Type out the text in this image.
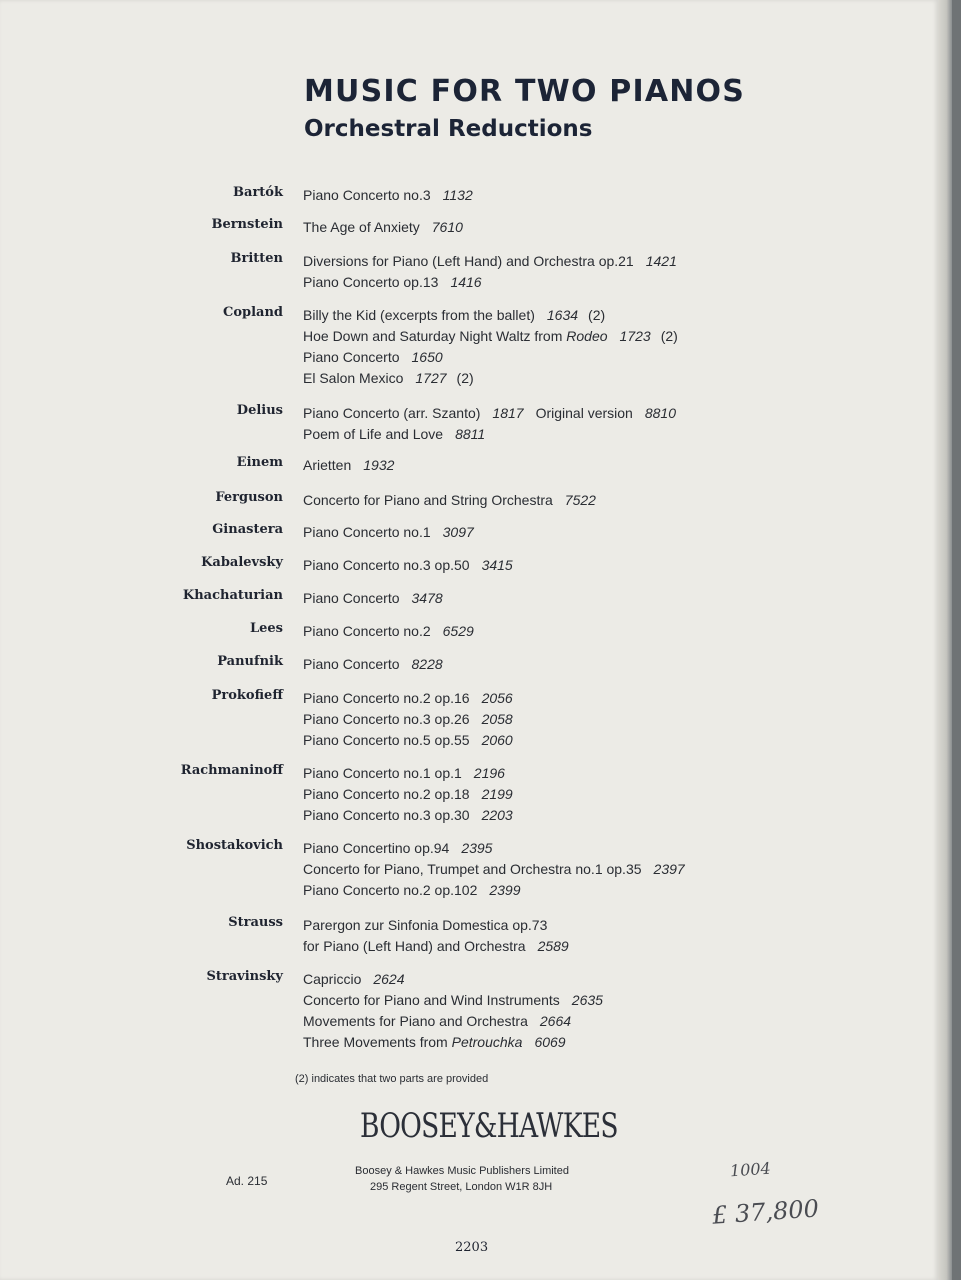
MUSIC FOR TWO PIANOS
Orchestral Reductions
Bartók Piano Concerto no.3 1132
Bernstein The Age of Anxiety 7610
Britten Diversions for Piano (Left Hand) and Orchestra op.21 1421
Piano Concerto op.13 1416
Copland Billy the Kid (excerpts from the ballet) 1634 (2)
Hoe Down and Saturday Night Waltz from Rodeo 1723 (2)
Piano Concerto 1650
El Salon Mexico 1727 (2)
Delius Piano Concerto (arr. Szanto) 1817 Original version 8810
Poem of Life and Love 8811
Einem Arietten 1932
Ferguson Concerto for Piano and String Orchestra 7522
Ginastera Piano Concerto no.1 3097
Kabalevsky Piano Concerto no.3 op.50 3415
Khachaturian Piano Concerto 3478
Lees Piano Concerto no.2 6529
Panufnik Piano Concerto 8228
Prokofieff Piano Concerto no.2 op.16 2056
Piano Concerto no.3 op.26 2058
Piano Concerto no.5 op.55 2060
Rachmaninoff Piano Concerto no.1 op.1 2196
Piano Concerto no.2 op.18 2199
Piano Concerto no.3 op.30 2203
Shostakovich Piano Concertino op.94 2395
Concerto for Piano, Trumpet and Orchestra no.1 op.35 2397
Piano Concerto no.2 op.102 2399
Strauss Parergon zur Sinfonia Domestica op.73
for Piano (Left Hand) and Orchestra 2589
Stravinsky Capriccio 2624
Concerto for Piano and Wind Instruments 2635
Movements for Piano and Orchestra 2664
Three Movements from Petrouchka 6069
(2) indicates that two parts are provided
BOOSEY&HAWKES
Boosey & Hawkes Music Publishers Limited
295 Regent Street, London W1R 8JH
Ad. 215
2203
1004
£ 37,800
